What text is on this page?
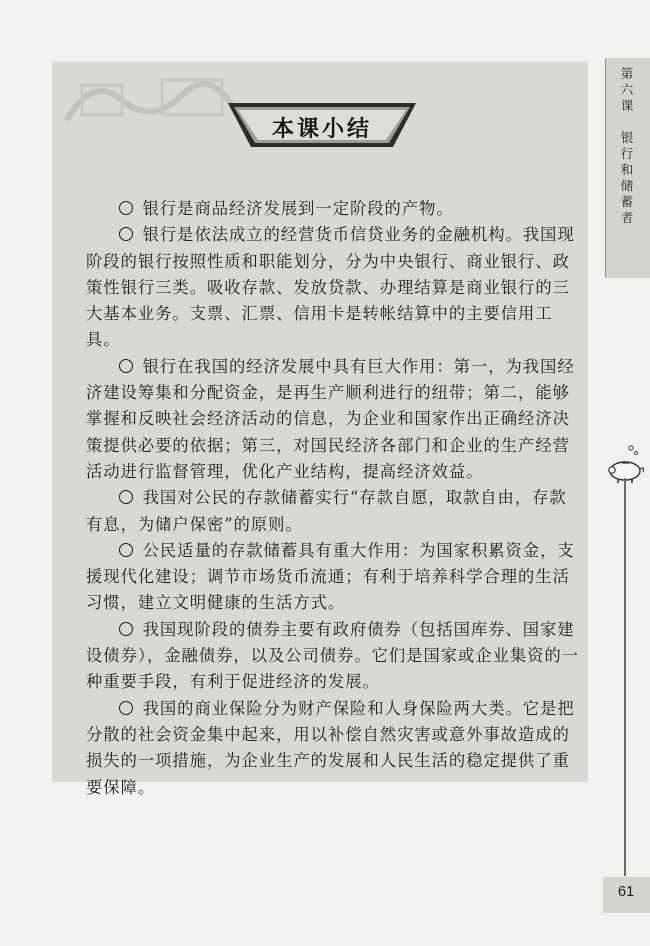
本课小结

银行是商品经济发展到一定阶段的产物。

银行是依法成立的经营货币信贷业务的金融机构。我国现阶段的银行按照性质和职能划分，分为中央银行、商业银行、政策性银行三类。吸收存款、发放贷款、办理结算是商业银行的三大基本业务。支票、汇票、信用卡是转帐结算中的主要信用工具。

银行在我国的经济发展中具有巨大作用：第一，为我国经济建设筹集和分配资金，是再生产顺利进行的纽带；第二，能够掌握和反映社会经济活动的信息，为企业和国家作出正确经济决策提供必要的依据；第三，对国民经济各部门和企业的生产经营活动进行监督管理，优化产业结构，提高经济效益。

我国对公民的存款储蓄实行“存款自愿，取款自由，存款有息，为储户保密”的原则。

公民适量的存款储蓄具有重大作用：为国家积累资金，支援现代化建设；调节市场货币流通；有利于培养科学合理的生活习惯，建立文明健康的生活方式。

我国现阶段的债券主要有政府债券（包括国库券、国家建设债券），金融债券，以及公司债券。它们是国家或企业集资的一种重要手段，有利于促进经济的发展。

我国的商业保险分为财产保险和人身保险两大类。它是把分散的社会资金集中起来，用以补偿自然灾害或意外事故造成的损失的一项措施，为企业生产的发展和人民生活的稳定提供了重要保障。

第六课
银行和储蓄者
61
